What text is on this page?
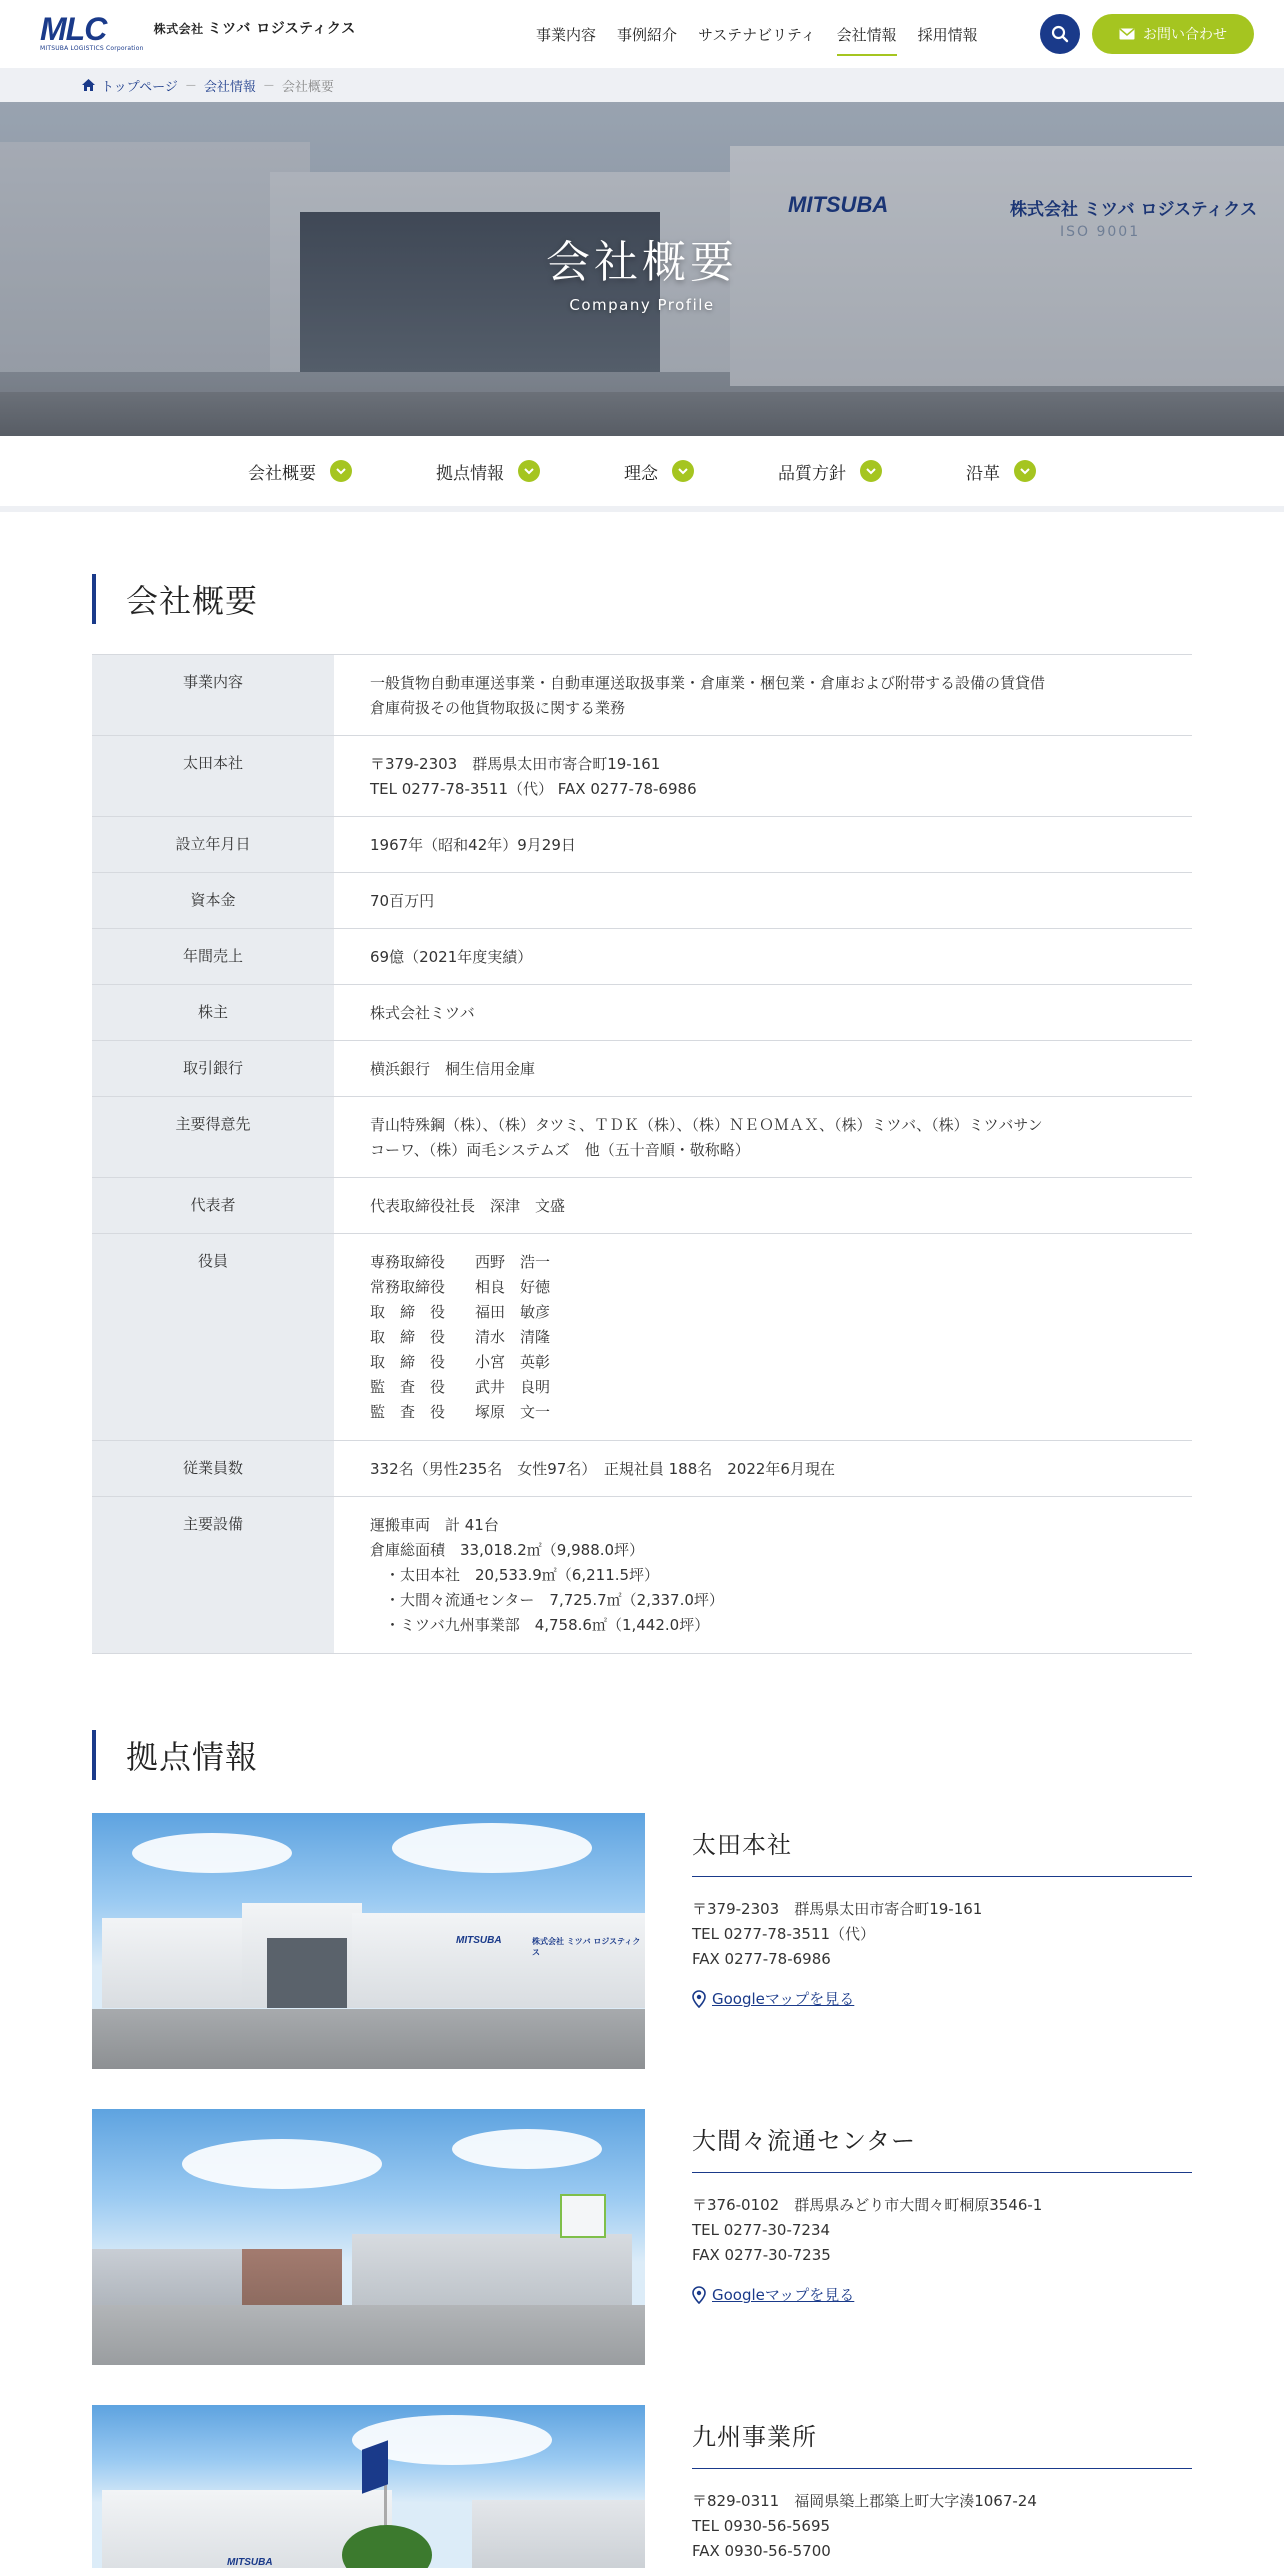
MLC
MITSUBA LOGISTICS Corporation
株式会社 ミツバ ロジスティクス	事業内容 事例紹介 サステナビリティ 会社情報 採用情報	お問い合わせ
トップページ — 会社情報 — 会社概要
MITSUBA	株式会社 ミツバ ロジスティクス
ISO 9001
会社概要
Company Profile
会社概要	拠点情報	理念	品質方針	沿革
会社概要
事業内容	一般貨物自動車運送事業・自動車運送取扱事業・倉庫業・梱包業・倉庫および附帯する設備の賃貸借
倉庫荷扱その他貨物取扱に関する業務
太田本社	〒379-2303　群馬県太田市寄合町19-161
TEL 0277-78-3511（代） FAX 0277-78-6986
設立年月日	1967年（昭和42年）9月29日
資本金	70百万円
年間売上	69億（2021年度実績）
株主	株式会社ミツバ
取引銀行	横浜銀行　桐生信用金庫
主要得意先	青山特殊鋼（株）、（株）タツミ、ＴＤＫ（株）、（株）ＮＥＯＭＡＸ、（株）ミツバ、（株）ミツバサン
コーワ、（株）両毛システムズ　他（五十音順・敬称略）
代表者	代表取締役社長　深津　文盛
役員	専務取締役　　西野　浩一
常務取締役　　相良　好徳
取　締　役　　福田　敏彦
取　締　役　　清水　清隆
取　締　役　　小宮　英彰
監　査　役　　武井　良明
監　査　役　　塚原　文一
従業員数	332名（男性235名　女性97名）　正規社員 188名　2022年6月現在
主要設備	運搬車両　計 41台
倉庫総面積　33,018.2㎡（9,988.0坪）
　・太田本社　20,533.9㎡（6,211.5坪）
　・大間々流通センター　7,725.7㎡（2,337.0坪）
　・ミツバ九州事業部　4,758.6㎡（1,442.0坪）
拠点情報
MITSUBA	株式会社 ミツバ ロジスティクス
太田本社

〒379-2303　群馬県太田市寄合町19-161
TEL 0277-78-3511（代）
FAX 0277-78-6986

Googleマップを見る
大間々流通センター

〒376-0102　群馬県みどり市大間々町桐原3546-1
TEL 0277-30-7234
FAX 0277-30-7235

Googleマップを見る
MITSUBA
九州事業所

〒829-0311　福岡県築上郡築上町大字湊1067-24
TEL 0930-56-5695
FAX 0930-56-5700
